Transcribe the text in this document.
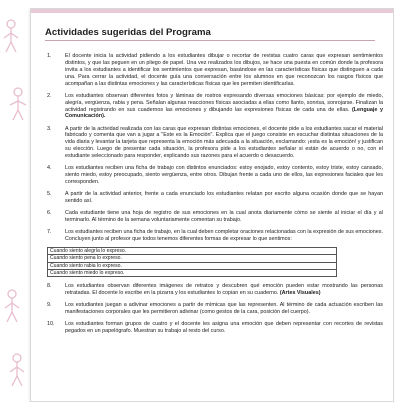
Actividades sugeridas del Programa
1.	El docente inicia la actividad pidiendo a los estudiantes dibujar o recortar de revistas cuatro caras que expresan sentimientos distintos, y que las peguen en un pliego de papel. Una vez realizados los dibujos, se hace una puesta en común donde la profesora invita a los estudiantes a identificar los sentimientos que expresan, basándose en las características físicas que distinguen a cada una. Para cerrar la actividad, el docente guía una conversación entre los alumnos en que reconozcan los rasgos físicos que acompañan a las distintas emociones y las características físicas que les permiten identificarlas.
2.	Los estudiantes observan diferentes fotos y láminas de rostros expresando diversas emociones básicas: por ejemplo de miedo, alegría, vergüenza, rabia y pena. Señalan algunas reacciones físicas asociadas a ellas como llanto, sonrisa, sonrojarse. Finalizan la actividad registrando en sus cuadernos las emociones y dibujando las expresiones físicas de cada una de ellas. (Lenguaje y Comunicación).
3.	A partir de la actividad realizada con las caras que expresan distintas emociones, el docente pide a los estudiantes sacar el material fabricado y comenta que van a jugar a "Este es la Emoción". Explica que el juego consiste en escuchar distintas situaciones de la vida diaria y levantar la tarjeta que representa la emoción más adecuada a la situación, exclamando: ¡esta es la emoción! y justifican su elección. Luego de presentar cada situación, la profesora pide a los estudiantes señalar si están de acuerdo o no, con el estudiante seleccionado para responder, explicando sus razones para el acuerdo o desacuerdo.
4.	Los estudiantes reciben una ficha de trabajo con distintos enunciados: estoy enojado, estoy contento, estoy triste, estoy cansado, siento miedo, estoy preocupado, siento vergüenza, entre otros. Dibujan frente a cada uno de ellos, las expresiones faciales que les corresponden.
5.	A partir de la actividad anterior, frente a cada enunciado los estudiantes relatan por escrito alguna ocasión donde que se hayan sentido así.
6.	Cada estudiante tiene una hoja de registro de sus emociones en la cual anota diariamente cómo se siente al iniciar el día y al terminarlo. Al término de la semana voluntariamente comentan su trabajo.
7.	Los estudiantes reciben una ficha de trabajo, en la cual deben completar oraciones relacionadas con la expresión de sus emociones. Concluyen junto al profesor que todos tenemos diferentes formas de expresar lo que sentimos:
Cuando siento alegría lo expreso.
Cuando siento pena lo expreso.
Cuando siento rabia lo expreso.
Cuando siento miedo lo expreso.
8.	Los estudiantes observan diferentes imágenes de retratos y descubren qué emoción pueden estar mostrando las personas retratadas. El docente lo escribe en la pizarra y los estudiantes lo copian en su cuaderno. (Artes Visuales)
9.	Los estudiantes juegan a adivinar emociones a partir de mímicas que las representen. Al término de cada actuación escriben las manifestaciones corporales que les permitieron adivinar (como gestos de la cara, posición del cuerpo).
10. Los estudiantes forman grupos de cuatro y el docente les asigna una emoción que deben representar con recortes de revistas pegados en un papelógrafo. Muestran su trabajo al resto del curso.
